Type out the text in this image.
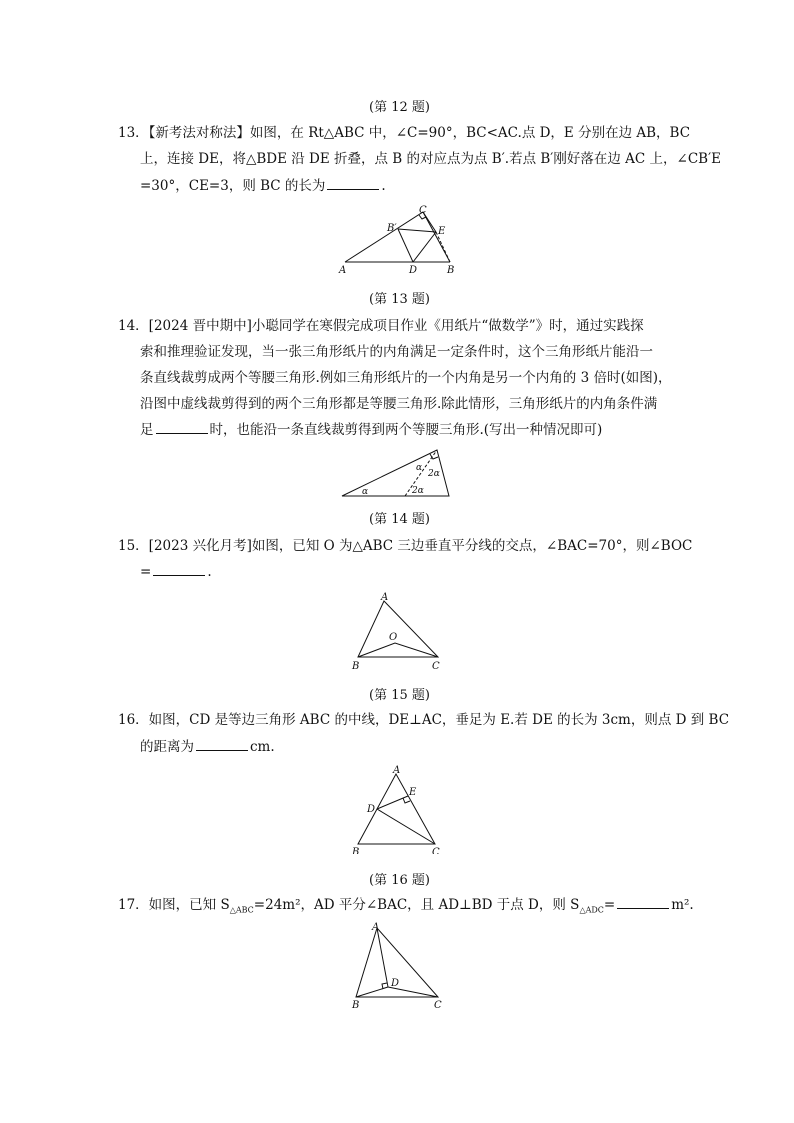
(第 12 题)
13．【新考法对称法】如图，在 Rt△ABC 中，∠C=90°，BC<AC.点 D，E 分别在边 AB，BC
上，连接 DE，将△BDE 沿 DE 折叠，点 B 的对应点为点 B′.若点 B′刚好落在边 AC 上，∠CB′E
=30°，CE=3，则 BC 的长为	.
C
B′	E
A	D	B
(第 13 题)
14．[2024 晋中期中]小聪同学在寒假完成项目作业《用纸片“做数学”》时，通过实践探
索和推理验证发现，当一张三角形纸片的内角满足一定条件时，这个三角形纸片能沿一
条直线裁剪成两个等腰三角形.例如三角形纸片的一个内角是另一个内角的 3 倍时(如图)，
沿图中虚线裁剪得到的两个三角形都是等腰三角形.除此情形，三角形纸片的内角条件满
足	时，也能沿一条直线裁剪得到两个等腰三角形.(写出一种情况即可)
α
α
2α
2α
(第 14 题)
15．[2023 兴化月考]如图，已知 O 为△ABC 三边垂直平分线的交点，∠BAC=70°，则∠BOC
=	.
A
O
B	C
(第 15 题)
16．如图，CD 是等边三角形 ABC 的中线，DE⊥AC，垂足为 E.若 DE 的长为 3cm，则点 D 到 BC
的距离为	cm.
A
E
D
B	C
(第 16 题)
17．如图，已知 $S_{\triangle ABC}=24m^2$，AD 平分∠BAC，且 AD⊥BD 于点 D，则 $S_{\triangle ADC}=$	m².
A
D
B	C
